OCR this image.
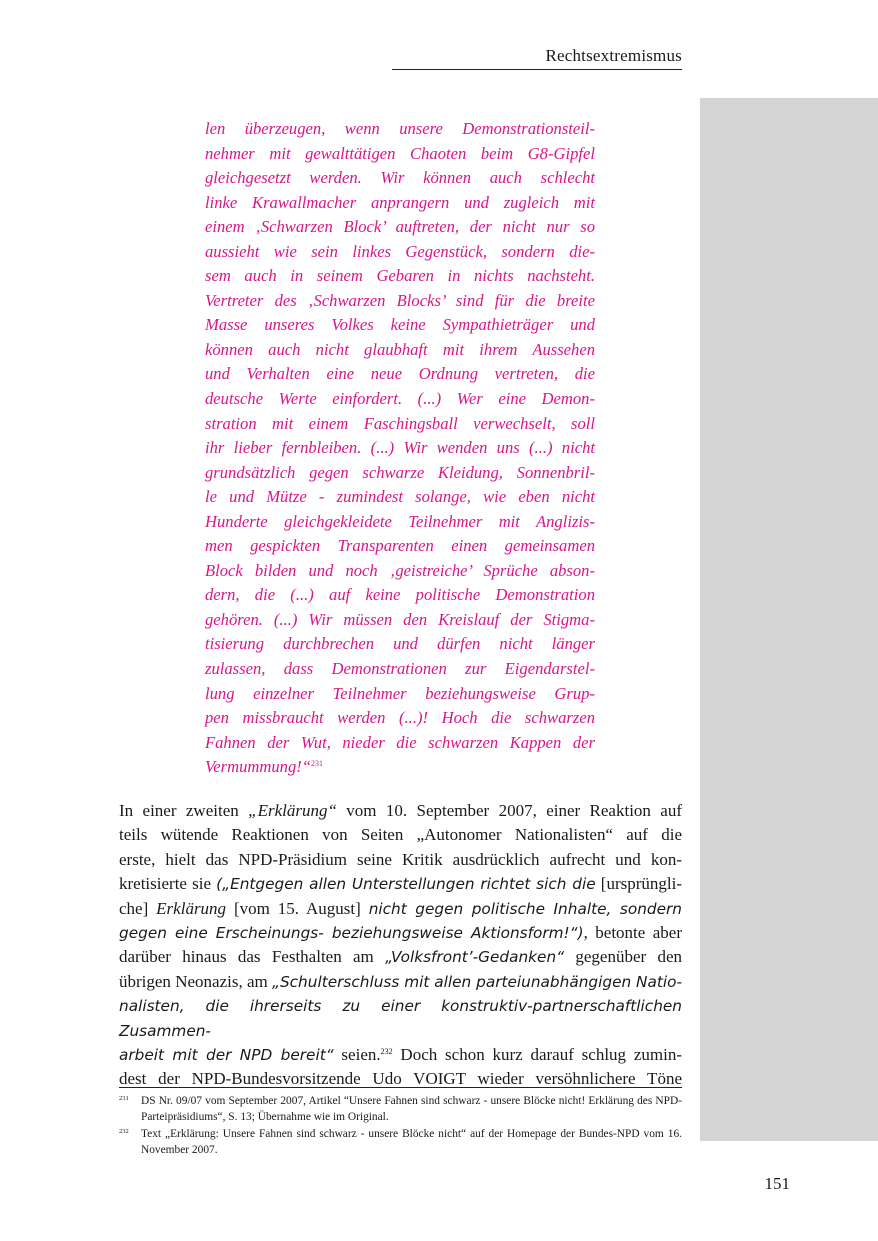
Rechtsextremismus
len überzeugen, wenn unsere Demonstrationsteil-
nehmer mit gewalttätigen Chaoten beim G8-Gipfel
gleichgesetzt werden. Wir können auch schlecht
linke Krawallmacher anprangern und zugleich mit
einem ‚Schwarzen Block’ auftreten, der nicht nur so
aussieht wie sein linkes Gegenstück, sondern die-
sem auch in seinem Gebaren in nichts nachsteht.
Vertreter des ‚Schwarzen Blocks’ sind für die breite
Masse unseres Volkes keine Sympathieträger und
können auch nicht glaubhaft mit ihrem Aussehen
und Verhalten eine neue Ordnung vertreten, die
deutsche Werte einfordert. (...) Wer eine Demon-
stration mit einem Faschingsball verwechselt, soll
ihr lieber fernbleiben. (...) Wir wenden uns (...) nicht
grundsätzlich gegen schwarze Kleidung, Sonnenbril-
le und Mütze - zumindest solange, wie eben nicht
Hunderte gleichgekleidete Teilnehmer mit Anglizis-
men gespickten Transparenten einen gemeinsamen
Block bilden und noch ‚geistreiche’ Sprüche abson-
dern, die (...) auf keine politische Demonstration
gehören. (...) Wir müssen den Kreislauf der Stigma-
tisierung durchbrechen und dürfen nicht länger
zulassen, dass Demonstrationen zur Eigendarstel-
lung einzelner Teilnehmer beziehungsweise Grup-
pen missbraucht werden (...)! Hoch die schwarzen
Fahnen der Wut, nieder die schwarzen Kappen der
Vermummung!“$^{231}$
In einer zweiten „Erklärung“ vom 10. September 2007, einer Reaktion auf
teils wütende Reaktionen von Seiten „Autonomer Nationalisten“ auf die
erste, hielt das NPD-Präsidium seine Kritik ausdrücklich aufrecht und kon-
kretisierte sie („Entgegen allen Unterstellungen richtet sich die [ursprüngli-
che] Erklärung [vom 15. August] nicht gegen politische Inhalte, sondern
gegen eine Erscheinungs- beziehungsweise Aktionsform!“), betonte aber
darüber hinaus das Festhalten am „Volksfront’-Gedanken“ gegenüber den
übrigen Neonazis, am „Schulterschluss mit allen parteiunabhängigen Natio-
nalisten, die ihrerseits zu einer konstruktiv-partnerschaftlichen Zusammen-
arbeit mit der NPD bereit“ seien.$^{232}$ Doch schon kurz darauf schlug zumin-
dest der NPD-Bundesvorsitzende Udo VOIGT wieder versöhnlichere Töne
231 DS Nr. 09/07 vom September 2007, Artikel “Unsere Fahnen sind schwarz - unsere Blöcke nicht! Erklärung des NPD-Parteipräsidiums“, S. 13; Übernahme wie im Original.
232 Text „Erklärung: Unsere Fahnen sind schwarz - unsere Blöcke nicht“ auf der Homepage der Bundes-NPD vom 16. November 2007.
151
